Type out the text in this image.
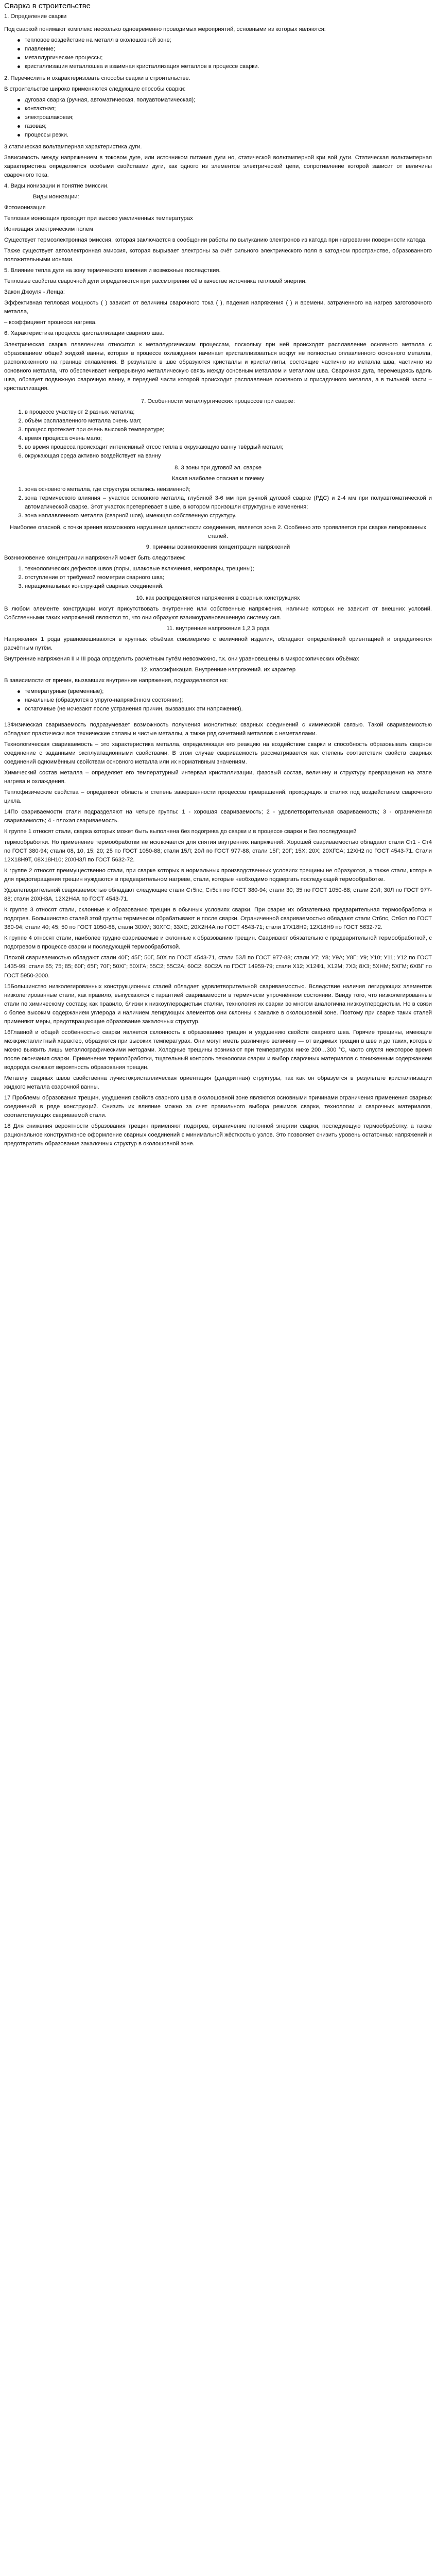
Сварка в строительстве
1. Определение сварки

Под сваркой понимают комплекс несколько одновременно проводимых мероприятий, основными из которых являются:

тепловое воздействие на металл в околошовной зоне;
плавление;
металлургические процессы;
кристаллизация металлошва и взаимная кристаллизация металлов в процессе сварки.

2. Перечислить и охарактеризовать способы сварки в строительстве.

В строительстве широко применяются следующие способы сварки:

дуговая сварка (ручная, автоматическая, полуавтоматическая);
контактная;
электрошлаковая;
газовая;
процессы резки.

3.статическая вольтамперная характеристика дуги.

Зависимость между напряжением в токовом дуге, или источником питания дуги но, статической вольтамперной кри вой дуги. Статическая вольтамперная характеристика определяется особыми свойствами дуги, как одного из элементов электрической цепи, сопротивление которой зависит от величины сварочного тока.

4. Виды ионизации и понятие эмиссии.

Виды ионизации:

Фотоионизация

Тепловая ионизация проходит при высоко увеличенных температурах

Ионизация электрическим полем

Существует термоэлектронная эмиссия, которая заключается в сообщении работы по вылуканию электронов из катода при нагревании поверхности катода.

Также существует автоэлектронная эмиссия, которая вырывает электроны за счёт сильного электрического поля в катодном пространстве, образованного положительными ионами.

5. Влияние тепла дуги на зону термического влияния и возможные последствия.

Тепловые свойства сварочной дуги определяются при рассмотрении её в качестве источника тепловой энергии.

Закон Джоуля - Ленца:

Эффективная тепловая мощность ( ) зависит от величины сварочного тока ( ), падения напряжения ( ) и времени, затраченного на нагрев заготовочного металла,

– коэффициент процесса нагрева.

6. Характеристика процесса кристаллизации сварного шва.

Электрическая сварка плавлением относится к металлургическим процессам, поскольку при ней происходят расплавление основного металла с образованием общей жидкой ванны, которая в процессе охлаждения начинает кристаллизоваться вокруг не полностью оплавленного основного металла, расположенного на границе сплавления. В результате в шве образуются кристаллы и кристаллиты, состоящие частично из металла шва, частично из основного металла, что обеспечивает непрерывную металлическую связь между основным металлом и металлом шва. Сварочная дуга, перемещаясь вдоль шва, образует подвижную сварочную ванну, в передней части которой происходит расплавление основного и присадочного металла, а в тыльной части – кристаллизация.

7. Особенности металлургических процессов при сварке:

1. в процессе участвуют 2 разных металла;
2. объём расплавленного металла очень мал;
3. процесс протекает при очень высокой температуре;
4. время процесса очень мало;
5. во время процесса происходит интенсивный отсос тепла в окружающую ванну твёрдый металл;
6. окружающая среда активно воздействует на ванну

8. 3 зоны при дуговой эл. сварке

Какая наиболее опасная и почему

1. зона основного металла, где структура остались неизменной;
2. зона термического влияния – участок основного металла, глубиной 3-6 мм при ручной дуговой сварке (РДС) и 2-4 мм при полуавтоматической и автоматической сварке. Этот участок претерпевает в шве, в котором произошли структурные изменения;
3. зона наплавленного металла (сварной шов), имеющая собственную структуру.

Наиболее опасной, с точки зрения возможного нарушения целостности соединения, является зона 2. Особенно это проявляется при сварке легированных сталей.

9. причины возникновения концентрации напряжений

Возникновение концентрации напряжений может быть следствием:

1. технологических дефектов швов (поры, шлаковые включения, непровары, трещины);
2. отступление от требуемой геометрии сварного шва;
3. нерациональных конструкций сварных соединений.

10. как распределяются напряжения в сварных конструкциях

В любом элементе конструкции могут присутствовать внутренние или собственные напряжения, наличие которых не зависит от внешних условий. Собственными таких напряжений являются то, что они образуют взаимоуравновешенную систему сил.

11. внутренние напряжения 1,2,3 рода

Напряжения 1 рода уравновешиваются в крупных объёмах соизмеримо с величиной изделия, обладают определённой ориентацией и определяются расчётным путём.

Внутренние напряжения II и III рода определить расчётным путём невозможно, т.к. они уравновешены в микроскопических объёмах

12. классификация. Внутренние напряжений. их характер

В зависимости от причин, вызвавших внутренние напряжения, подразделяются на:

температурные (временные);
начальные (образуются в упруго-напряжённом состоянии);
остаточные (не исчезают после устранения причин, вызвавших эти напряжения).

13Физическая свариваемость подразумевает возможность получения монолитных сварных соединений с химической связью. Такой свариваемостью обладают практически все технические сплавы и чистые металлы, а также ряд сочетаний металлов с неметаллами.

Технологическая свариваемость – это характеристика металла, определяющая его реакцию на воздействие сварки и способность образовывать сварное соединение с заданными эксплуатационными свойствами. В этом случае свариваемость рассматривается как степень соответствия свойств сварных соединений одноимённым свойствам основного металла или их нормативным значениям.

Химический состав металла – определяет его температурный интервал кристаллизации, фазовый состав, величину и структуру превращения на этапе нагрева и охлаждения.

Теплофизические свойства – определяют область и степень завершенности процессов превращений, проходящих в сталях под воздействием сварочного цикла.

14По свариваемости стали подразделяют на четыре группы: 1 - хорошая свариваемость; 2 - удовлетворительная свариваемость; 3 - ограниченная свариваемость; 4 - плохая свариваемость.

К группе 1 относят стали, сварка которых может быть выполнена без подогрева до сварки и в процессе сварки и без последующей

термообработки. Но применение термообработки не исключается для снятия внутренних напряжений. Хорошей свариваемостью обладают стали Ст1 - Ст4 по ГОСТ 380-94; стали 08, 10, 15; 20; 25 по ГОСТ 1050-88; стали 15Л; 20Л по ГОСТ 977-88, стали 15Г; 20Г; 15Х; 20Х; 20ХГСА; 12ХН2 по ГОСТ 4543-71. Стали 12Х18Н9Т, 08Х18Н10; 20ХН3Л по ГОСТ 5632-72.

К группе 2 относят преимущественно стали, при сварке которых в нормальных производственных условиях трещины не образуются, а также стали, которые для предотвращения трещин нуждаются в предварительном нагреве, стали, которые необходимо подвергать последующей термообработке.

Удовлетворительной свариваемостью обладают следующие стали Ст5пс, Ст5сп по ГОСТ 380-94; стали 30; 35 по ГОСТ 1050-88; стали 20Л; 30Л по ГОСТ 977-88; стали 20ХН3А, 12Х2Н4А по ГОСТ 4543-71.

К группе 3 относят стали, склонные к образованию трещин в обычных условиях сварки. При сварке их обязательна предварительная термообработка и подогрев. Большинство сталей этой группы термически обрабатывают и после сварки. Ограниченной свариваемостью обладают стали Ст6пс, Ст6сп по ГОСТ 380-94; стали 40; 45; 50 по ГОСТ 1050-88, стали 30ХМ; 30ХГС; 33ХС; 20Х2Н4А по ГОСТ 4543-71; стали 17Х18Н9; 12Х18Н9 по ГОСТ 5632-72.

К группе 4 относят стали, наиболее трудно свариваемые и склонные к образованию трещин. Сваривают обязательно с предварительной термообработкой, с подогревом в процессе сварки и последующей термообработкой.

Плохой свариваемостью обладают стали 40Г; 45Г; 50Г, 50Х по ГОСТ 4543-71, стали 53Л по ГОСТ 977-88; стали У7; У8; У9А; У8Г; У9; У10; У11; У12 по ГОСТ 1435-99; стали 65; 75; 85; 60Г; 65Г; 70Г; 50ХГ; 50ХГА; 55С2; 55С2А; 60С2; 60С2А по ГОСТ 14959-79; стали Х12; Х12Ф1, Х12М; 7Х3; 8Х3; 5ХНМ; 5ХГМ; 6ХВГ по ГОСТ 5950-2000.

15Большинство низколегированных конструкционных сталей обладает удовлетворительной свариваемостью. Вследствие наличия легирующих элементов низколегированные стали, как правило, выпускаются с гарантией свариваемости в термически упрочнённом состоянии. Ввиду того, что низколегированные стали по химическому составу, как правило, близки к низкоуглеродистым сталям, технология их сварки во многом аналогична низкоуглеродистым. Но в связи с более высоким содержанием углерода и наличием легирующих элементов они склонны к закалке в околошовной зоне. Поэтому при сварке таких сталей применяют меры, предотвращающие образование закалочных структур.

16Главной и общей особенностью сварки является склонность к образованию трещин и ухудшению свойств сварного шва. Горячие трещины, имеющие межкристаллитный характер, образуются при высоких температурах. Они могут иметь различную величину — от видимых трещин в шве и до таких, которые можно выявить лишь металлографическими методами. Холодные трещины возникают при температурах ниже 200…300 °С, часто спустя некоторое время после окончания сварки. Применение термообработки, тщательный контроль технологии сварки и выбор сварочных материалов с пониженным содержанием водорода снижают вероятность образования трещин.

Металлу сварных швов свойственна лучистокристаллическая ориентация (дендритная) структуры, так как он образуется в результате кристаллизации жидкого металла сварочной ванны.

17 Проблемы образования трещин, ухудшения свойств сварного шва в околошовной зоне являются основными причинами ограничения применения сварных соединений в ряде конструкций. Снизить их влияние можно за счет правильного выбора режимов сварки, технологии и сварочных материалов, соответствующих свариваемой стали.

18 Для снижения вероятности образования трещин применяют подогрев, ограничение погонной энергии сварки, последующую термообработку, а также рациональное конструктивное оформление сварных соединений с минимальной жёсткостью узлов. Это позволяет снизить уровень остаточных напряжений и предотвратить образование закалочных структур в околошовной зоне.
